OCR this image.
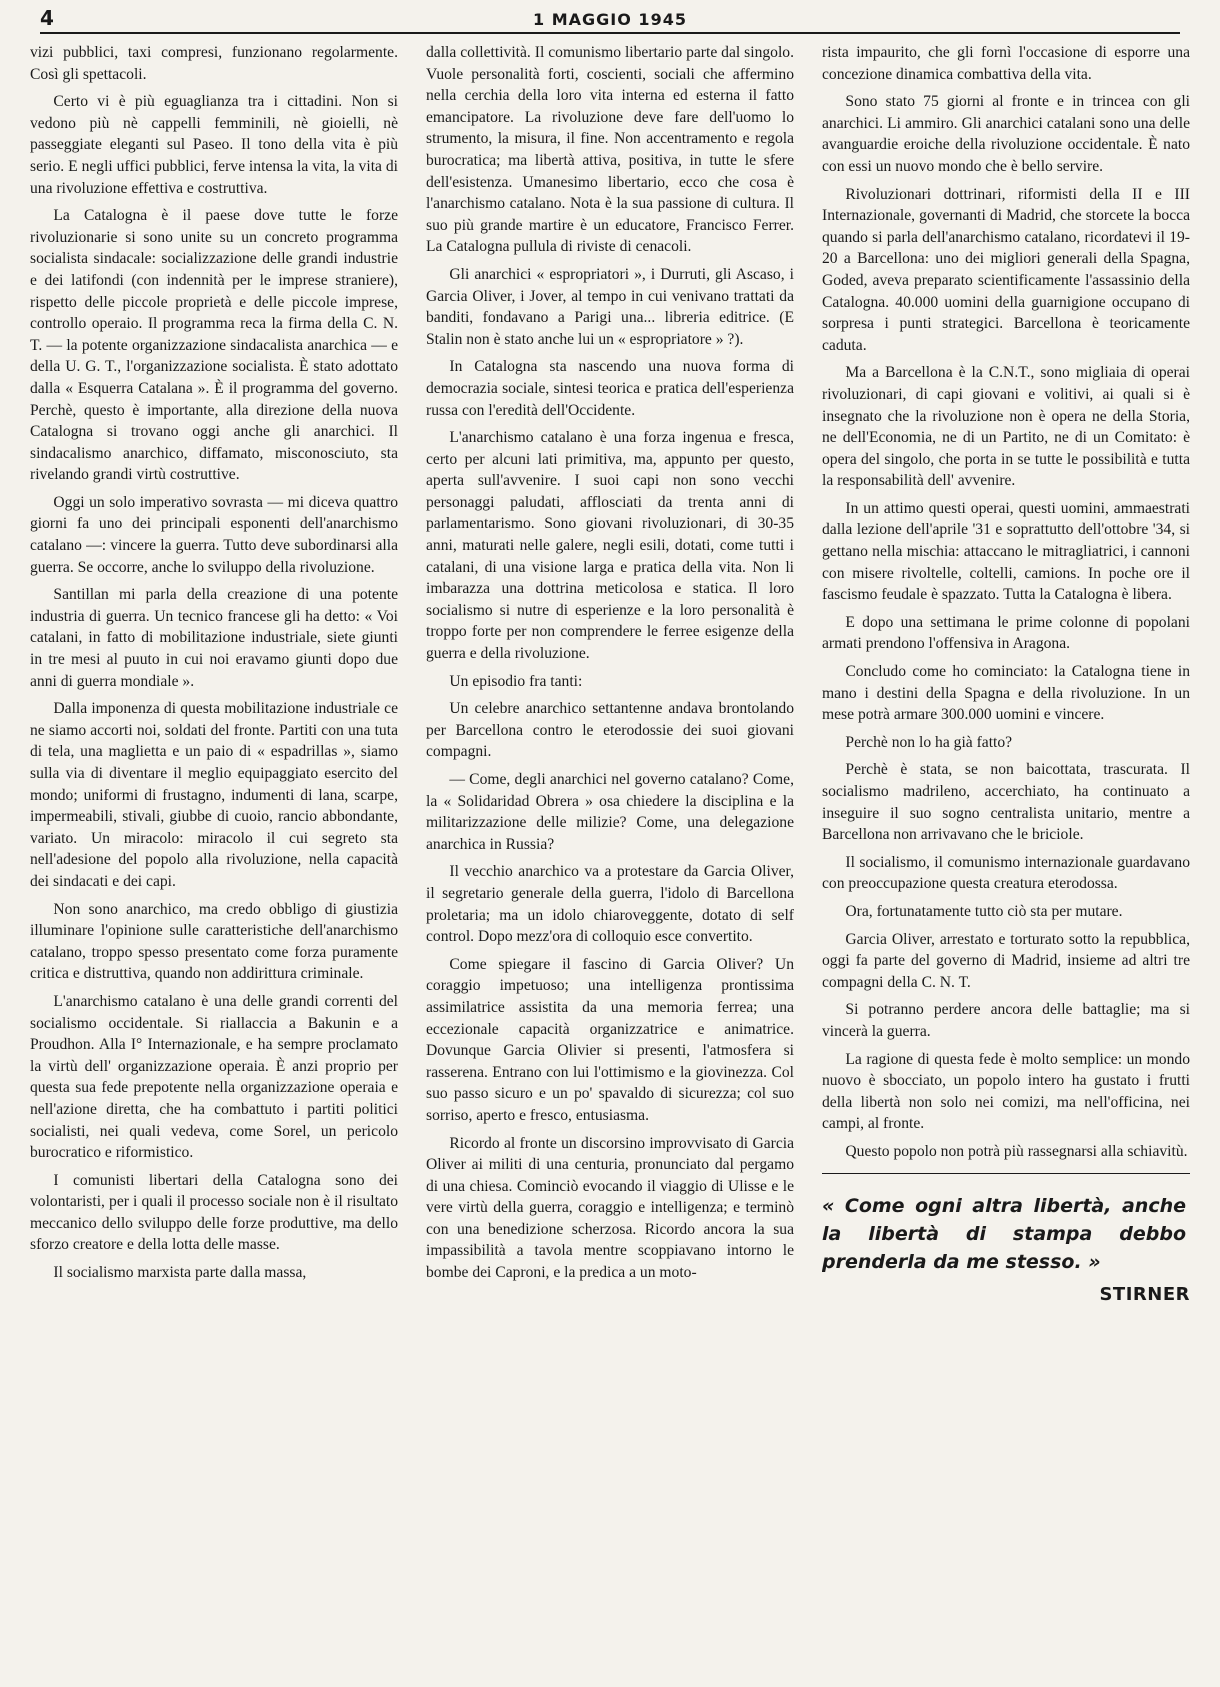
4	1 MAGGIO 1945

vizi pubblici, taxi compresi, funzionano regolarmente. Così gli spettacoli.

Certo vi è più eguaglianza tra i cittadini. Non si vedono più nè cappelli femminili, nè gioielli, nè passeggiate eleganti sul Paseo. Il tono della vita è più serio. E negli uffici pubblici, ferve intensa la vita, la vita di una rivoluzione effettiva e costruttiva.

La Catalogna è il paese dove tutte le forze rivoluzionarie si sono unite su un concreto programma socialista sindacale: socializzazione delle grandi industrie e dei latifondi (con indennità per le imprese straniere), rispetto delle piccole proprietà e delle piccole imprese, controllo operaio. Il programma reca la firma della C. N. T. — la potente organizzazione sindacalista anarchica — e della U. G. T., l'organizzazione socialista. È stato adottato dalla « Esquerra Catalana ». È il programma del governo. Perchè, questo è importante, alla direzione della nuova Catalogna si trovano oggi anche gli anarchici. Il sindacalismo anarchico, diffamato, misconosciuto, sta rivelando grandi virtù costruttive.

Oggi un solo imperativo sovrasta — mi diceva quattro giorni fa uno dei principali esponenti dell'anarchismo catalano —: vincere la guerra. Tutto deve subordinarsi alla guerra. Se occorre, anche lo sviluppo della rivoluzione.

Santillan mi parla della creazione di una potente industria di guerra. Un tecnico francese gli ha detto: « Voi catalani, in fatto di mobilitazione industriale, siete giunti in tre mesi al puuto in cui noi eravamo giunti dopo due anni di guerra mondiale ».

Dalla imponenza di questa mobilitazione industriale ce ne siamo accorti noi, soldati del fronte. Partiti con una tuta di tela, una maglietta e un paio di « espadrillas », siamo sulla via di diventare il meglio equipaggiato esercito del mondo; uniformi di frustagno, indumenti di lana, scarpe, impermeabili, stivali, giubbe di cuoio, rancio abbondante, variato. Un miracolo: miracolo il cui segreto sta nell'adesione del popolo alla rivoluzione, nella capacità dei sindacati e dei capi.

Non sono anarchico, ma credo obbligo di giustizia illuminare l'opinione sulle caratteristiche dell'anarchismo catalano, troppo spesso presentato come forza puramente critica e distruttiva, quando non addirittura criminale.

L'anarchismo catalano è una delle grandi correnti del socialismo occidentale. Si riallaccia a Bakunin e a Proudhon. Alla I° Internazionale, e ha sempre proclamato la virtù dell' organizzazione operaia. È anzi proprio per questa sua fede prepotente nella organizzazione operaia e nell'azione diretta, che ha combattuto i partiti politici socialisti, nei quali vedeva, come Sorel, un pericolo burocratico e riformistico.

I comunisti libertari della Catalogna sono dei volontaristi, per i quali il processo sociale non è il risultato meccanico dello sviluppo delle forze produttive, ma dello sforzo creatore e della lotta delle masse.

Il socialismo marxista parte dalla massa,

dalla collettività. Il comunismo libertario parte dal singolo. Vuole personalità forti, coscienti, sociali che affermino nella cerchia della loro vita interna ed esterna il fatto emancipatore. La rivoluzione deve fare dell'uomo lo strumento, la misura, il fine. Non accentramento e regola burocratica; ma libertà attiva, positiva, in tutte le sfere dell'esistenza. Umanesimo libertario, ecco che cosa è l'anarchismo catalano. Nota è la sua passione di cultura. Il suo più grande martire è un educatore, Francisco Ferrer. La Catalogna pullula di riviste di cenacoli.

Gli anarchici « espropriatori », i Durruti, gli Ascaso, i Garcia Oliver, i Jover, al tempo in cui venivano trattati da banditi, fondavano a Parigi una... libreria editrice. (E Stalin non è stato anche lui un « espropriatore » ?).

In Catalogna sta nascendo una nuova forma di democrazia sociale, sintesi teorica e pratica dell'esperienza russa con l'eredità dell'Occidente.

L'anarchismo catalano è una forza ingenua e fresca, certo per alcuni lati primitiva, ma, appunto per questo, aperta sull'avvenire. I suoi capi non sono vecchi personaggi paludati, afflosciati da trenta anni di parlamentarismo. Sono giovani rivoluzionari, di 30-35 anni, maturati nelle galere, negli esili, dotati, come tutti i catalani, di una visione larga e pratica della vita. Non li imbarazza una dottrina meticolosa e statica. Il loro socialismo si nutre di esperienze e la loro personalità è troppo forte per non comprendere le ferree esigenze della guerra e della rivoluzione.

Un episodio fra tanti:

Un celebre anarchico settantenne andava brontolando per Barcellona contro le eterodossie dei suoi giovani compagni.

— Come, degli anarchici nel governo catalano? Come, la « Solidaridad Obrera » osa chiedere la disciplina e la militarizzazione delle milizie? Come, una delegazione anarchica in Russia?

Il vecchio anarchico va a protestare da Garcia Oliver, il segretario generale della guerra, l'idolo di Barcellona proletaria; ma un idolo chiaroveggente, dotato di self control. Dopo mezz'ora di colloquio esce convertito.

Come spiegare il fascino di Garcia Oliver? Un coraggio impetuoso; una intelligenza prontissima assimilatrice assistita da una memoria ferrea; una eccezionale capacità organizzatrice e animatrice. Dovunque Garcia Olivier si presenti, l'atmosfera si rasserena. Entrano con lui l'ottimismo e la giovinezza. Col suo passo sicuro e un po' spavaldo di sicurezza; col suo sorriso, aperto e fresco, entusiasma.

Ricordo al fronte un discorsino improvvisato di Garcia Oliver ai militi di una centuria, pronunciato dal pergamo di una chiesa. Cominciò evocando il viaggio di Ulisse e le vere virtù della guerra, coraggio e intelligenza; e terminò con una benedizione scherzosa. Ricordo ancora la sua impassibilità a tavola mentre scoppiavano intorno le bombe dei Caproni, e la predica a un moto-

rista impaurito, che gli fornì l'occasione di esporre una concezione dinamica combattiva della vita.

Sono stato 75 giorni al fronte e in trincea con gli anarchici. Li ammiro. Gli anarchici catalani sono una delle avanguardie eroiche della rivoluzione occidentale. È nato con essi un nuovo mondo che è bello servire.

Rivoluzionari dottrinari, riformisti della II e III Internazionale, governanti di Madrid, che storcete la bocca quando si parla dell'anarchismo catalano, ricordatevi il 19-20 a Barcellona: uno dei migliori generali della Spagna, Goded, aveva preparato scientificamente l'assassinio della Catalogna. 40.000 uomini della guarnigione occupano di sorpresa i punti strategici. Barcellona è teoricamente caduta.

Ma a Barcellona è la C.N.T., sono migliaia di operai rivoluzionari, di capi giovani e volitivi, ai quali si è insegnato che la rivoluzione non è opera ne della Storia, ne dell'Economia, ne di un Partito, ne di un Comitato: è opera del singolo, che porta in se tutte le possibilità e tutta la responsabilità dell' avvenire.

In un attimo questi operai, questi uomini, ammaestrati dalla lezione dell'aprile '31 e soprattutto dell'ottobre '34, si gettano nella mischia: attaccano le mitragliatrici, i cannoni con misere rivoltelle, coltelli, camions. In poche ore il fascismo feudale è spazzato. Tutta la Catalogna è libera.

E dopo una settimana le prime colonne di popolani armati prendono l'offensiva in Aragona.

Concludo come ho cominciato: la Catalogna tiene in mano i destini della Spagna e della rivoluzione. In un mese potrà armare 300.000 uomini e vincere.

Perchè non lo ha già fatto?

Perchè è stata, se non baicottata, trascurata. Il socialismo madrileno, accerchiato, ha continuato a inseguire il suo sogno centralista unitario, mentre a Barcellona non arrivavano che le briciole.

Il socialismo, il comunismo internazionale guardavano con preoccupazione questa creatura eterodossa.

Ora, fortunatamente tutto ciò sta per mutare.

Garcia Oliver, arrestato e torturato sotto la repubblica, oggi fa parte del governo di Madrid, insieme ad altri tre compagni della C. N. T.

Si potranno perdere ancora delle battaglie; ma si vincerà la guerra.

La ragione di questa fede è molto semplice: un mondo nuovo è sbocciato, un popolo intero ha gustato i frutti della libertà non solo nei comizi, ma nell'officina, nei campi, al fronte.

Questo popolo non potrà più rassegnarsi alla schiavitù.

« Come ogni altra libertà, anche la libertà di stampa debbo prenderla da me stesso. »
STIRNER
